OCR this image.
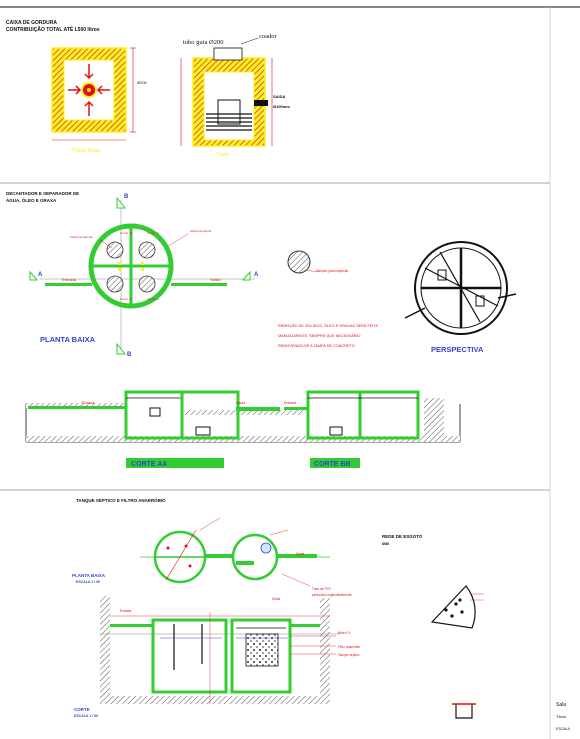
CAIXA DE GORDURA
CONTRIBUIÇÃO TOTAL ATÉ L500 litros
Ø200
Planta Baixa
tubo guia Ø200
coador
SAIDA
Ø100mm
Corte
DECANTADOR E SEPARADOR DE
ÁGUA, ÓLEO E GRAXA
Comp. B	Comp. C
Comp. A	Comp. D
Abertura superior
Abertura inferior
Entrada	Saída
A	A
B
B
PLANTA BAIXA
Tampão para inspeção
REMOÇÃO DE SÓLIDOS, ÓLEO E GRAXAS SERÁ FEITA
MANUALMENTE, SEMPRE QUE NECESSÁRIO
REMOVENDO-SE A TAMPA DE CONCRETO	PERSPECTIVA
Entrada	Saída
CORTE AA
Entrada
CORTE BB
TANQUE SÉPTICO E FILTRO ANAERÓBIO
Saída
Tubo de PVC
perfurado longitudinalmente
PLANTA BAIXA
ESCALA 1 / 50
Entrada
Saída
Brita n°4
Filtro anaeróbio
Tanque séptico
CORTE
ESCALA 1 / 50
REDE DE ESGOTO
Ø80
Sala
Título
ESCALA
